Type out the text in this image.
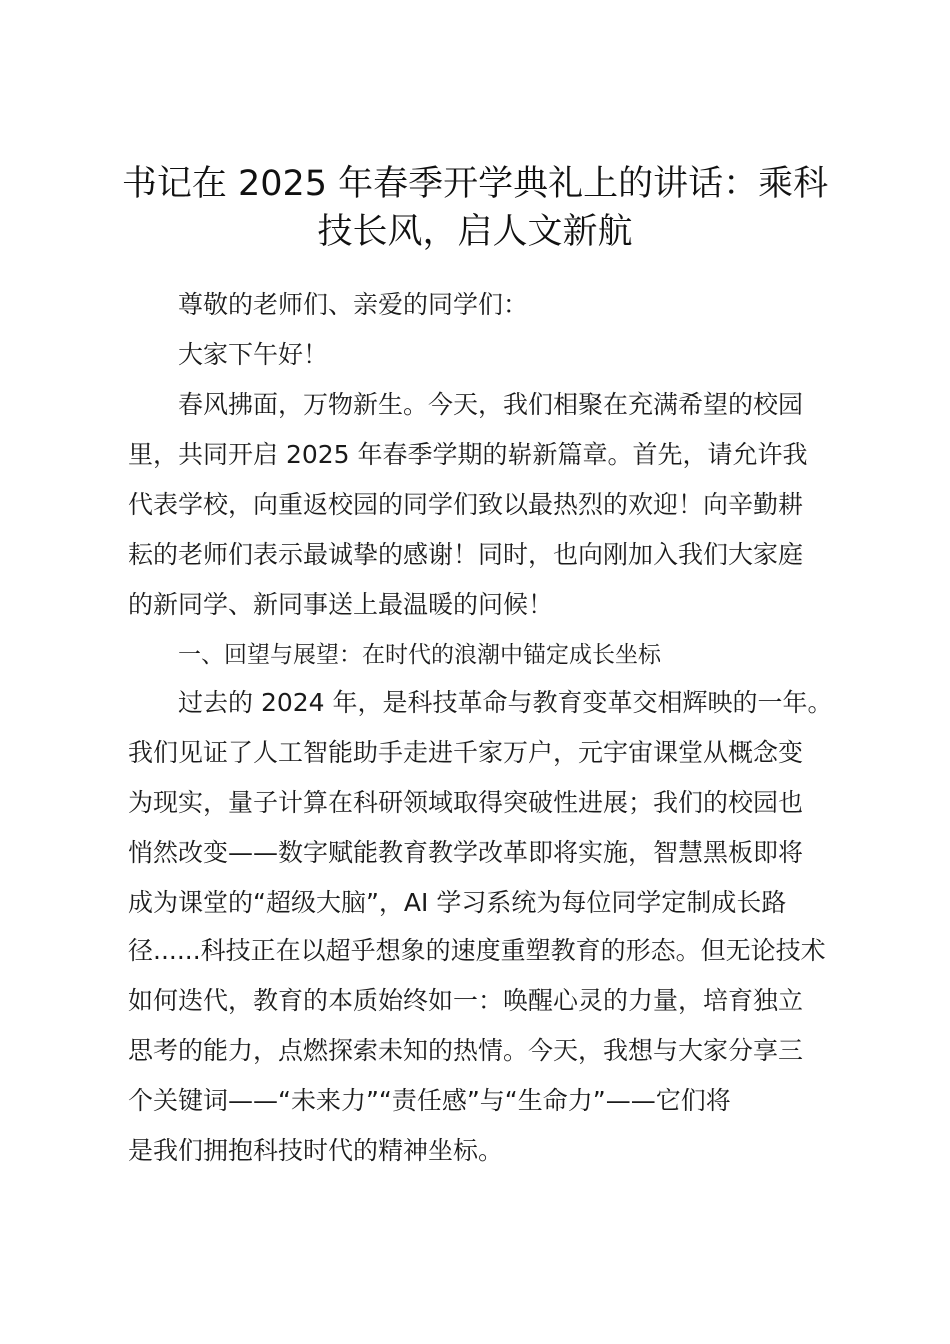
书记在 2025 年春季开学典礼上的讲话：乘科
技长风，启人文新航
尊敬的老师们、亲爱的同学们：
大家下午好！
春风拂面，万物新生。今天，我们相聚在充满希望的校园
里，共同开启 2025 年春季学期的崭新篇章。首先，请允许我
代表学校，向重返校园的同学们致以最热烈的欢迎！向辛勤耕
耘的老师们表示最诚挚的感谢！同时，也向刚加入我们大家庭
的新同学、新同事送上最温暖的问候！
一、回望与展望：在时代的浪潮中锚定成长坐标
过去的 2024 年，是科技革命与教育变革交相辉映的一年。
我们见证了人工智能助手走进千家万户，元宇宙课堂从概念变
为现实，量子计算在科研领域取得突破性进展；我们的校园也
悄然改变——数字赋能教育教学改革即将实施，智慧黑板即将
成为课堂的“超级大脑”，AI 学习系统为每位同学定制成长路
径......科技正在以超乎想象的速度重塑教育的形态。但无论技术
如何迭代，教育的本质始终如一：唤醒心灵的力量，培育独立
思考的能力，点燃探索未知的热情。今天，我想与大家分享三
个关键词——“未来力”“责任感”与“生命力”——它们将
是我们拥抱科技时代的精神坐标。
